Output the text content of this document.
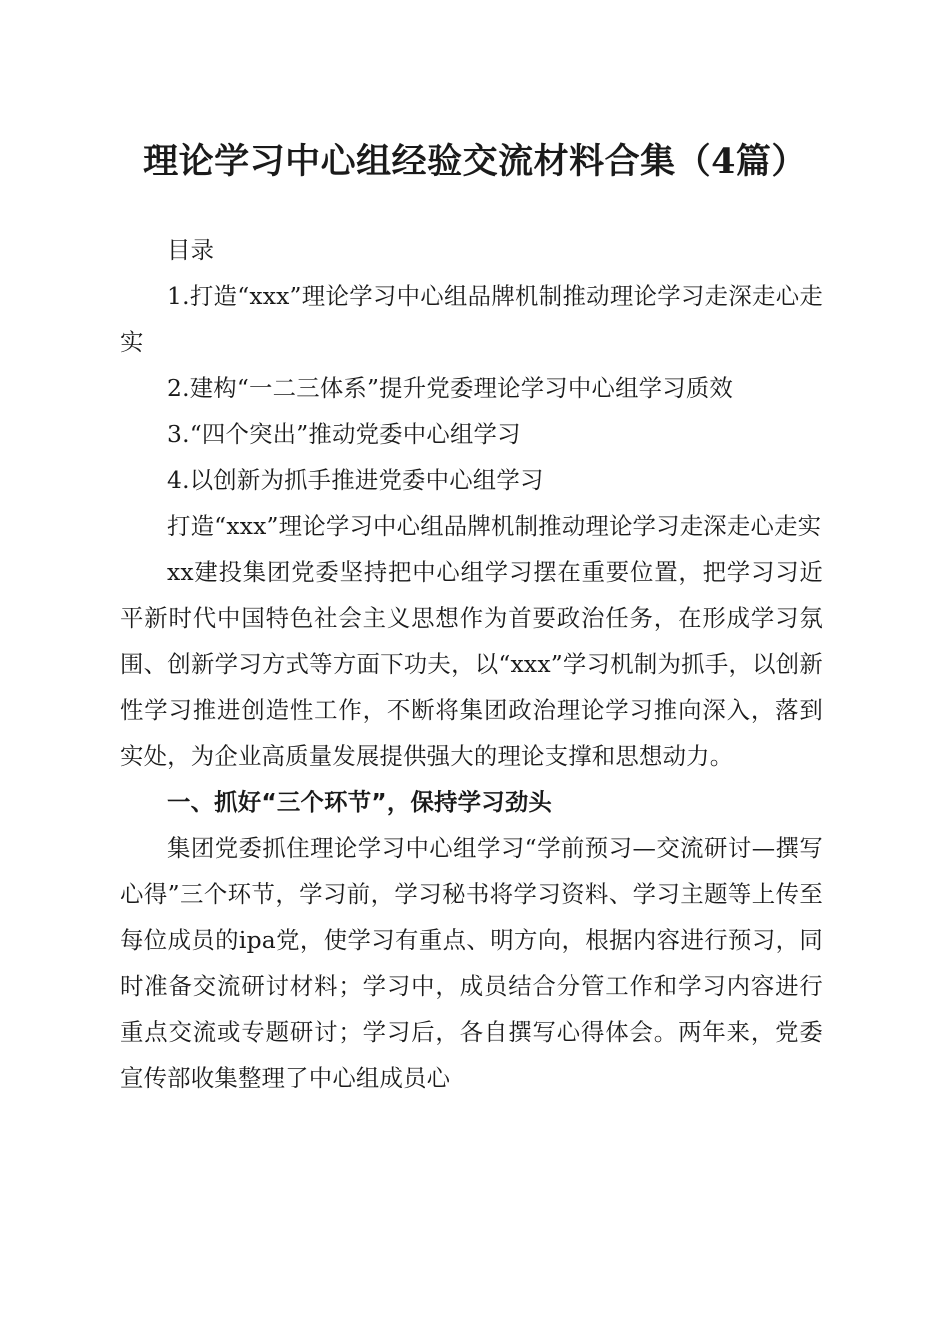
理论学习中心组经验交流材料合集（4篇）

目录

1.打造“xxx”理论学习中心组品牌机制推动理论学习走深走心走实

2.建构“一二三体系”提升党委理论学习中心组学习质效

3.“四个突出”推动党委中心组学习

4.以创新为抓手推进党委中心组学习

打造“xxx”理论学习中心组品牌机制推动理论学习走深走心走实

xx建投集团党委坚持把中心组学习摆在重要位置，把学习习近平新时代中国特色社会主义思想作为首要政治任务，在形成学习氛围、创新学习方式等方面下功夫，以“xxx”学习机制为抓手，以创新性学习推进创造性工作，不断将集团政治理论学习推向深入，落到实处，为企业高质量发展提供强大的理论支撑和思想动力。

一、抓好“三个环节”，保持学习劲头

集团党委抓住理论学习中心组学习“学前预习—交流研讨—撰写心得”三个环节，学习前，学习秘书将学习资料、学习主题等上传至每位成员的ipa党，使学习有重点、明方向，根据内容进行预习，同时准备交流研讨材料；学习中，成员结合分管工作和学习内容进行重点交流或专题研讨；学习后，各自撰写心得体会。两年来，党委宣传部收集整理了中心组成员心
